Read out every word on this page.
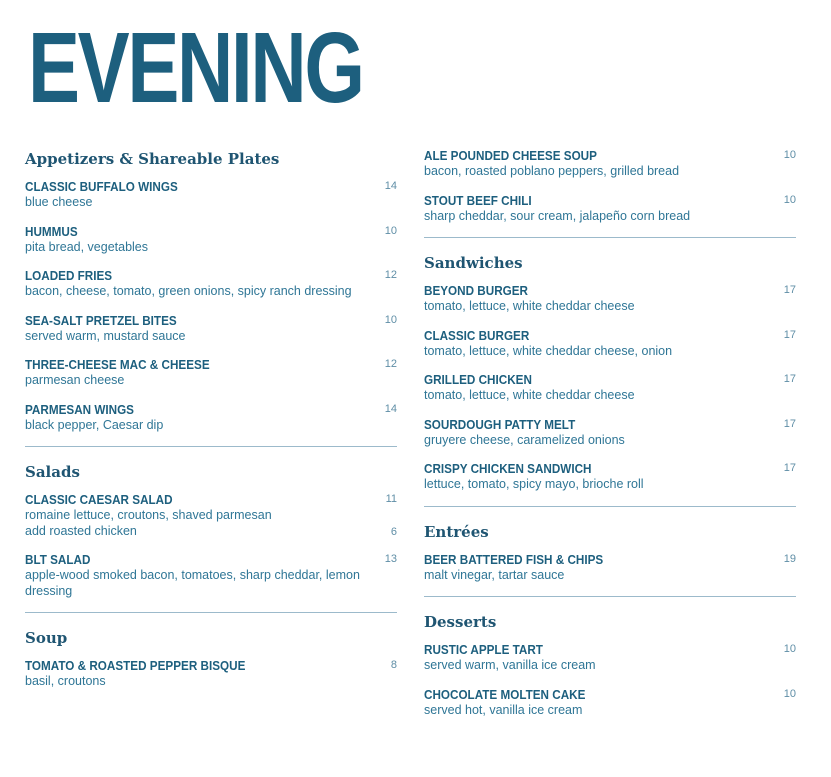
EVENING
Appetizers & Shareable Plates
CLASSIC BUFFALO WINGS
blue cheese
14
HUMMUS
pita bread, vegetables
10
LOADED FRIES
bacon, cheese, tomato, green onions, spicy ranch dressing
12
SEA-SALT PRETZEL BITES
served warm, mustard sauce
10
THREE-CHEESE MAC & CHEESE
parmesan cheese
12
PARMESAN WINGS
black pepper, Caesar dip
14
Salads
CLASSIC CAESAR SALAD
romaine lettuce, croutons, shaved parmesan
11
add roasted chicken	6
BLT SALAD
apple-wood smoked bacon, tomatoes, sharp cheddar, lemon dressing
13
Soup
TOMATO & ROASTED PEPPER BISQUE
basil, croutons
8
ALE POUNDED CHEESE SOUP
bacon, roasted poblano peppers, grilled bread
10
STOUT BEEF CHILI
sharp cheddar, sour cream, jalapeño corn bread
10
Sandwiches
BEYOND BURGER
tomato, lettuce, white cheddar cheese
17
CLASSIC BURGER
tomato, lettuce, white cheddar cheese, onion
17
GRILLED CHICKEN
tomato, lettuce, white cheddar cheese
17
SOURDOUGH PATTY MELT
gruyere cheese, caramelized onions
17
CRISPY CHICKEN SANDWICH
lettuce, tomato, spicy mayo, brioche roll
17
Entrées
BEER BATTERED FISH & CHIPS
malt vinegar, tartar sauce
19
Desserts
RUSTIC APPLE TART
served warm, vanilla ice cream
10
CHOCOLATE MOLTEN CAKE
served hot, vanilla ice cream
10
